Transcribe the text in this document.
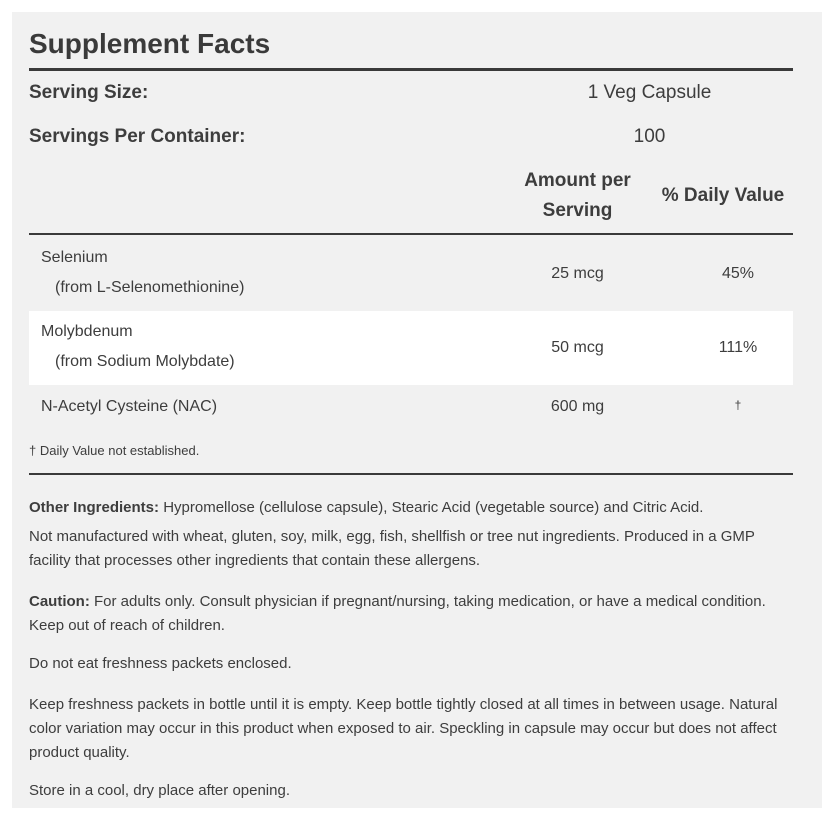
Supplement Facts
Serving Size:	1 Veg Capsule
Servings Per Container:	100
Amount per
Serving
% Daily Value
Selenium
(from L-Selenomethionine)
25 mcg	45%
Molybdenum
(from Sodium Molybdate)
50 mcg	111%
N-Acetyl Cysteine (NAC)	600 mg	†
† Daily Value not established.
Other Ingredients: Hypromellose (cellulose capsule), Stearic Acid (vegetable source) and Citric Acid.
Not manufactured with wheat, gluten, soy, milk, egg, fish, shellfish or tree nut ingredients. Produced in a GMP facility that processes other ingredients that contain these allergens.
Caution: For adults only. Consult physician if pregnant/nursing, taking medication, or have a medical condition. Keep out of reach of children.
Do not eat freshness packets enclosed.
Keep freshness packets in bottle until it is empty. Keep bottle tightly closed at all times in between usage. Natural color variation may occur in this product when exposed to air. Speckling in capsule may occur but does not affect product quality.
Store in a cool, dry place after opening.
